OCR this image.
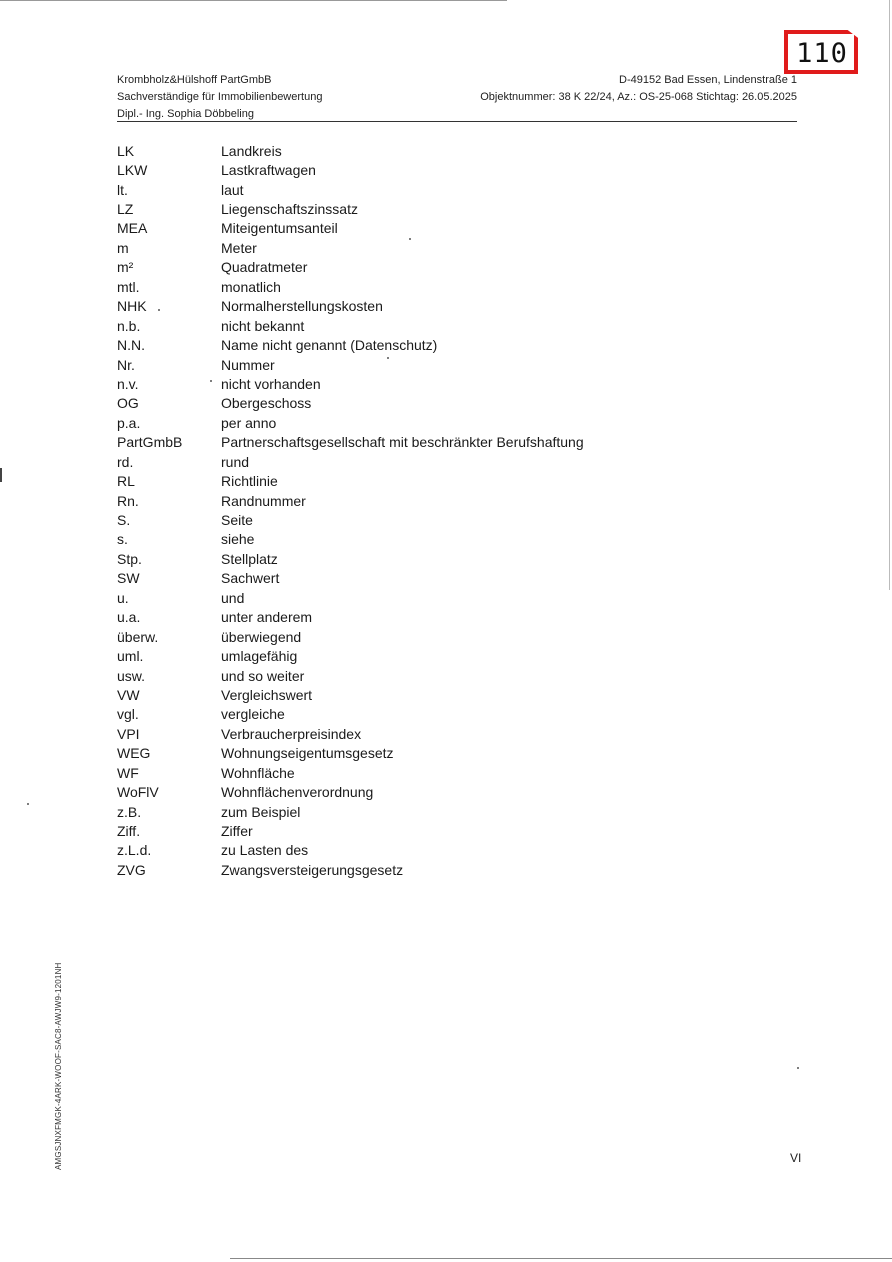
110
Krombholz&Hülshoff PartGmbB
Sachverständige für Immobilienbewertung
Dipl.- Ing. Sophia Döbbeling
D-49152 Bad Essen, Lindenstraße 1
Objektnummer: 38 K 22/24, Az.: OS-25-068 Stichtag: 26.05.2025
LK	Landkreis
LKW	Lastkraftwagen
lt.	laut
LZ	Liegenschaftszinssatz
MEA	Miteigentumsanteil
m	Meter
m²	Quadratmeter
mtl.	monatlich
NHK	Normalherstellungskosten
n.b.	nicht bekannt
N.N.	Name nicht genannt (Datenschutz)
Nr.	Nummer
n.v.	nicht vorhanden
OG	Obergeschoss
p.a.	per anno
PartGmbB	Partnerschaftsgesellschaft mit beschränkter Berufshaftung
rd.	rund
RL	Richtlinie
Rn.	Randnummer
S.	Seite
s.	siehe
Stp.	Stellplatz
SW	Sachwert
u.	und
u.a.	unter anderem
überw.	überwiegend
uml.	umlagefähig
usw.	und so weiter
VW	Vergleichswert
vgl.	vergleiche
VPI	Verbraucherpreisindex
WEG	Wohnungseigentumsgesetz
WF	Wohnfläche
WoFlV	Wohnflächenverordnung
z.B.	zum Beispiel
Ziff.	Ziffer
z.L.d.	zu Lasten des
ZVG	Zwangsversteigerungsgesetz
AMGSJNXFMGK-4ARK-WOOF-SAC8-AWJW9-1201NH	VI
